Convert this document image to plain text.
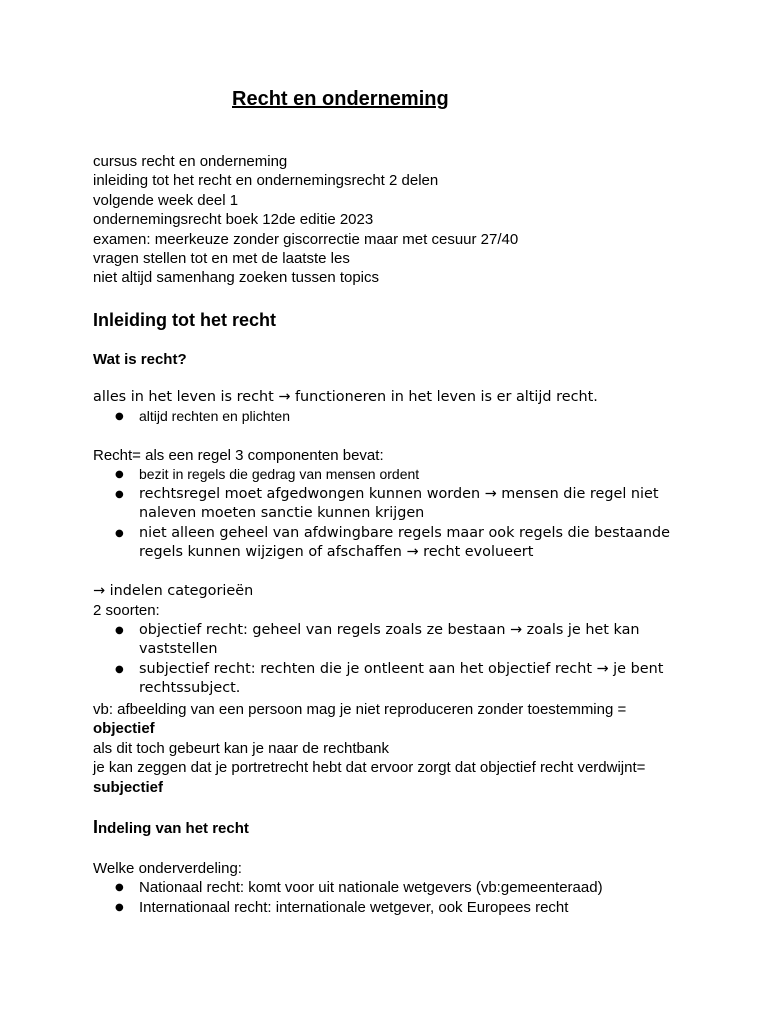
Recht en onderneming
cursus recht en onderneming
inleiding tot het recht en ondernemingsrecht 2 delen
volgende week deel 1
ondernemingsrecht boek 12de editie 2023
examen: meerkeuze zonder giscorrectie maar met cesuur 27/40
vragen stellen tot en met de laatste les
niet altijd samenhang zoeken tussen topics
Inleiding tot het recht
Wat is recht?
alles in het leven is recht → functioneren in het leven is er altijd recht.
● altijd rechten en plichten
Recht= als een regel 3 componenten bevat:
● bezit in regels die gedrag van mensen ordent
● rechtsregel moet afgedwongen kunnen worden → mensen die regel niet naleven moeten sanctie kunnen krijgen
● niet alleen geheel van afdwingbare regels maar ook regels die bestaande regels kunnen wijzigen of afschaffen → recht evolueert
→ indelen categorieën
2 soorten:
● objectief recht: geheel van regels zoals ze bestaan → zoals je het kan vaststellen
● subjectief recht: rechten die je ontleent aan het objectief recht → je bent rechtssubject.
vb: afbeelding van een persoon mag je niet reproduceren zonder toestemming =
objectief
als dit toch gebeurt kan je naar de rechtbank
je kan zeggen dat je portretrecht hebt dat ervoor zorgt dat objectief recht verdwijnt=
subjectief
Indeling van het recht
Welke onderverdeling:
● Nationaal recht: komt voor uit nationale wetgevers (vb:gemeenteraad)
● Internationaal recht: internationale wetgever, ook Europees recht
